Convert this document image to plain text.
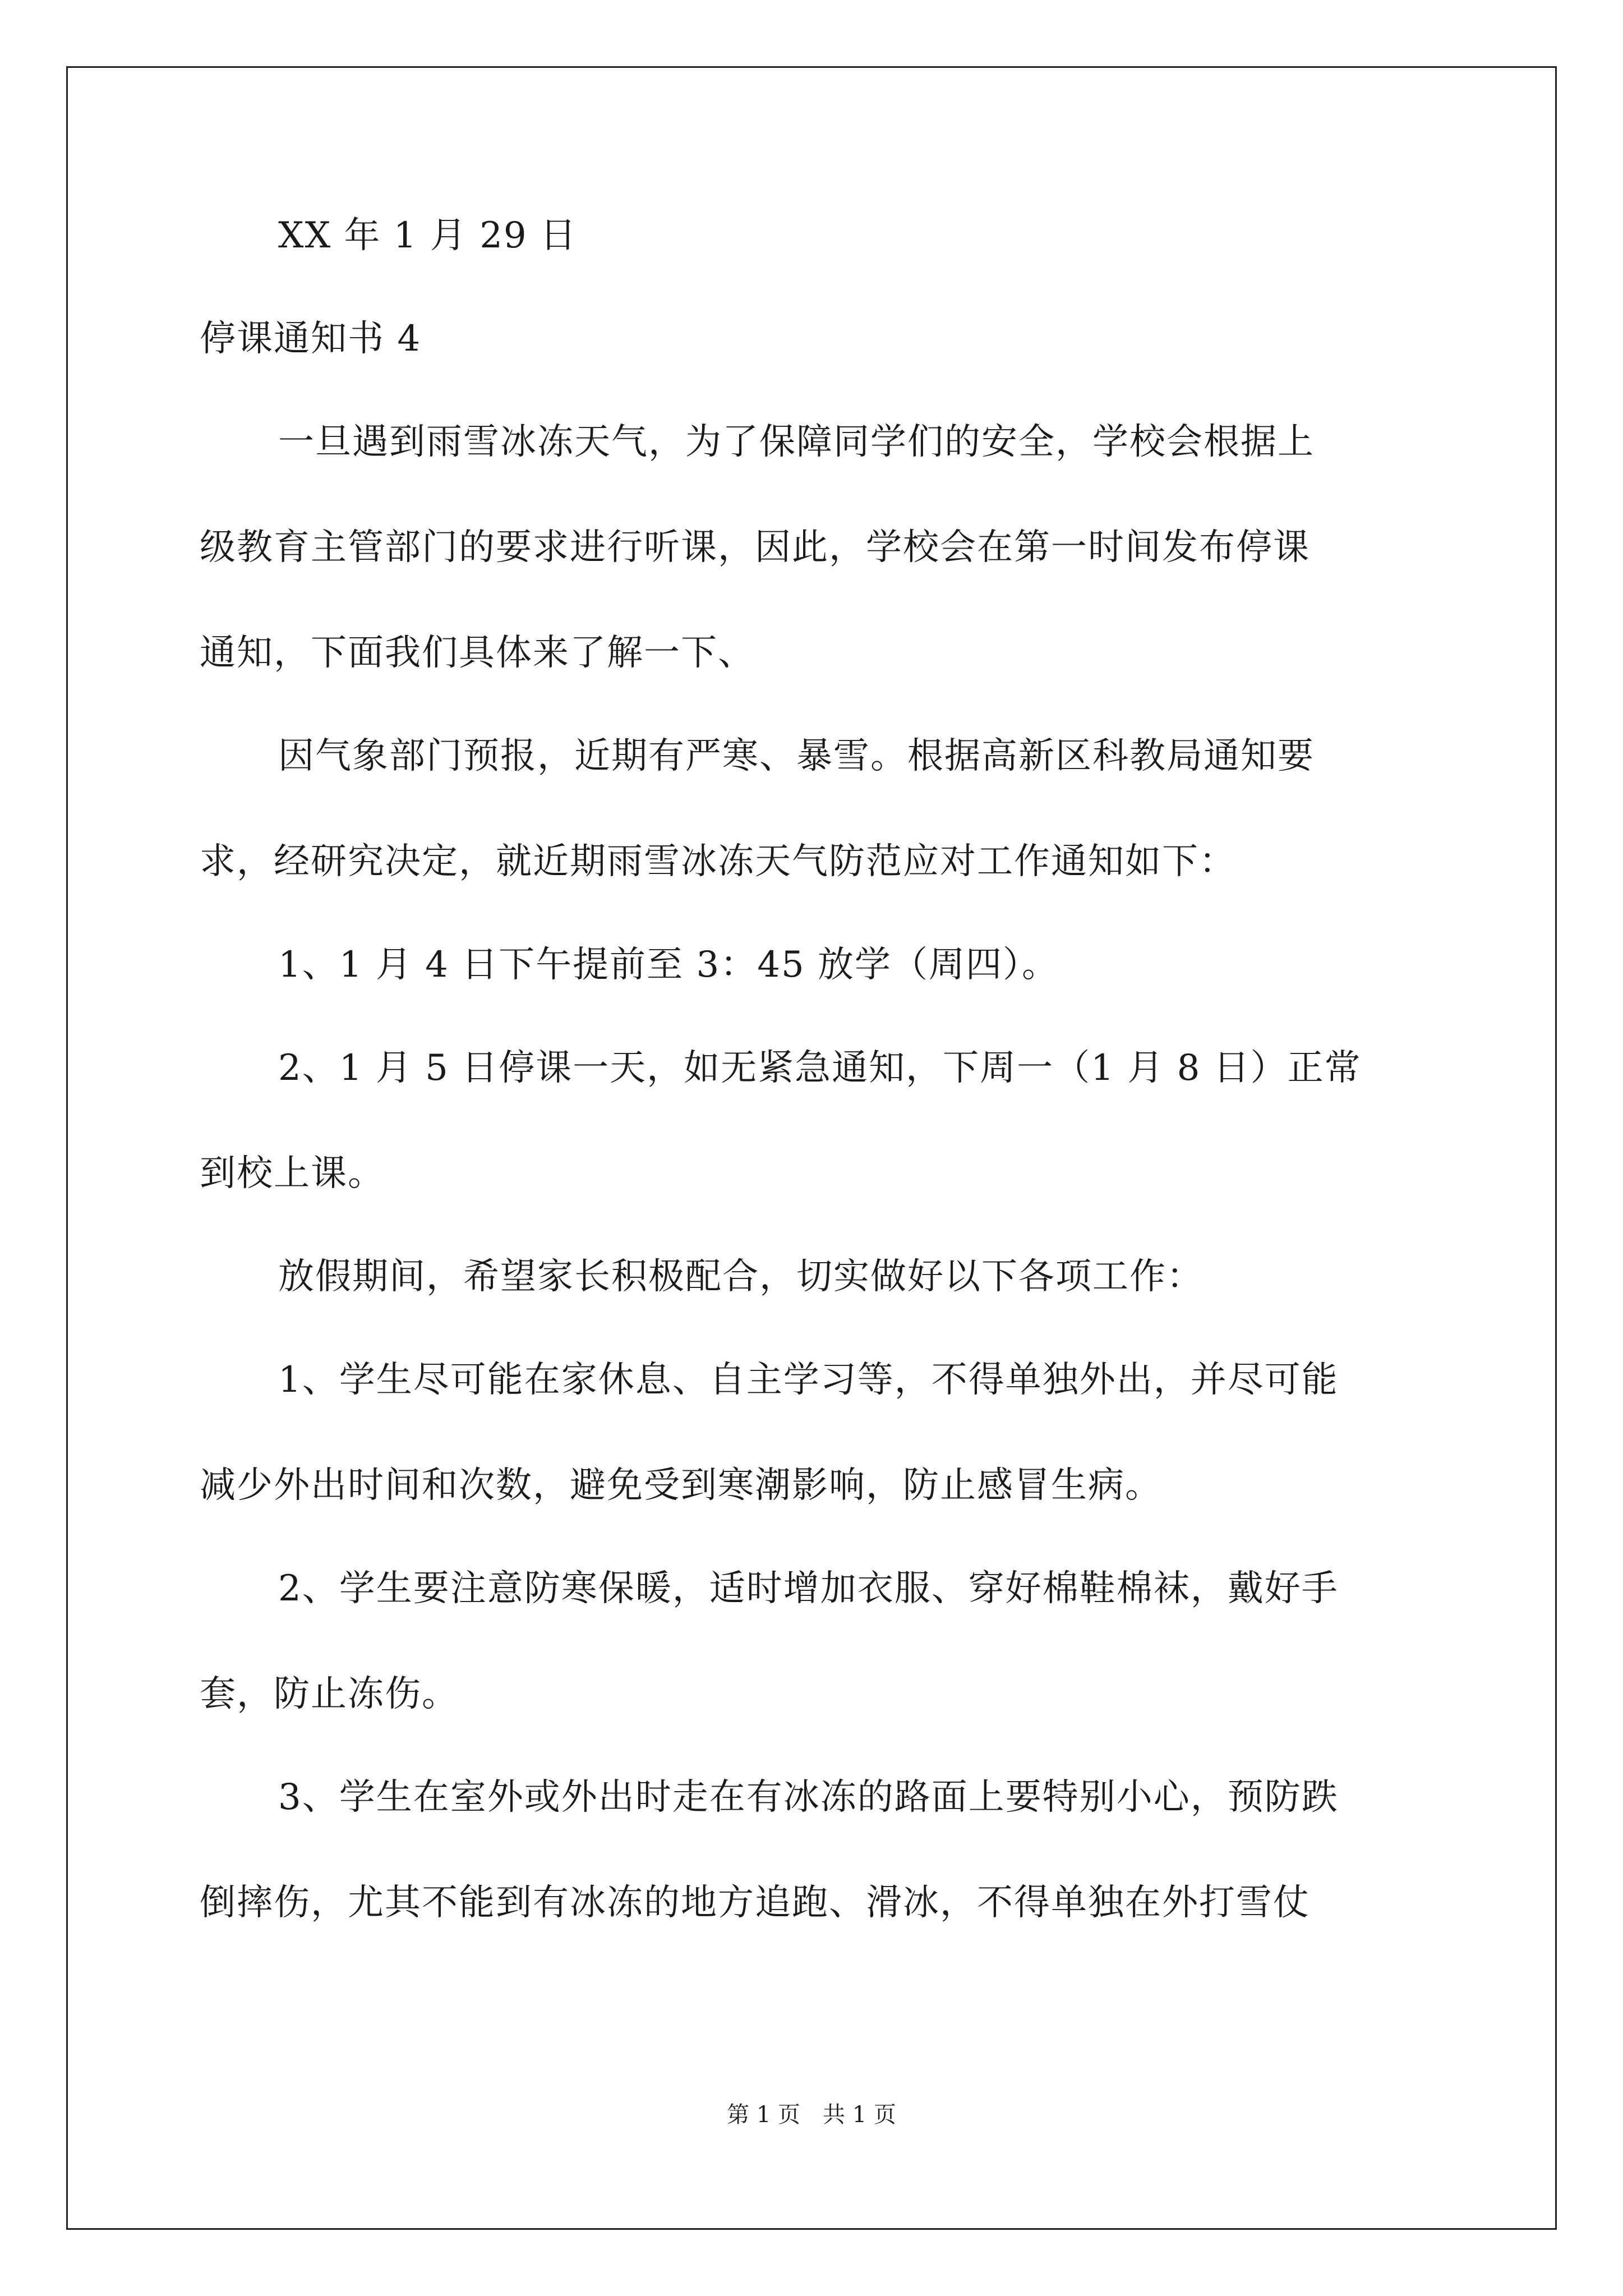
XX 年 1 月 29 日
停课通知书 4
一旦遇到雨雪冰冻天气，为了保障同学们的安全，学校会根据上
级教育主管部门的要求进行听课，因此，学校会在第一时间发布停课
通知，下面我们具体来了解一下、
因气象部门预报，近期有严寒、暴雪。根据高新区科教局通知要
求，经研究决定，就近期雨雪冰冻天气防范应对工作通知如下：
1、1 月 4 日下午提前至 3：45 放学（周四）。
2、1 月 5 日停课一天，如无紧急通知，下周一（1 月 8 日）正常
到校上课。
放假期间，希望家长积极配合，切实做好以下各项工作：
1、学生尽可能在家休息、自主学习等，不得单独外出，并尽可能
减少外出时间和次数，避免受到寒潮影响，防止感冒生病。
2、学生要注意防寒保暖，适时增加衣服、穿好棉鞋棉袜，戴好手
套，防止冻伤。
3、学生在室外或外出时走在有冰冻的路面上要特别小心，预防跌
倒摔伤，尤其不能到有冰冻的地方追跑、滑冰，不得单独在外打雪仗
第 1 页　共 1 页
